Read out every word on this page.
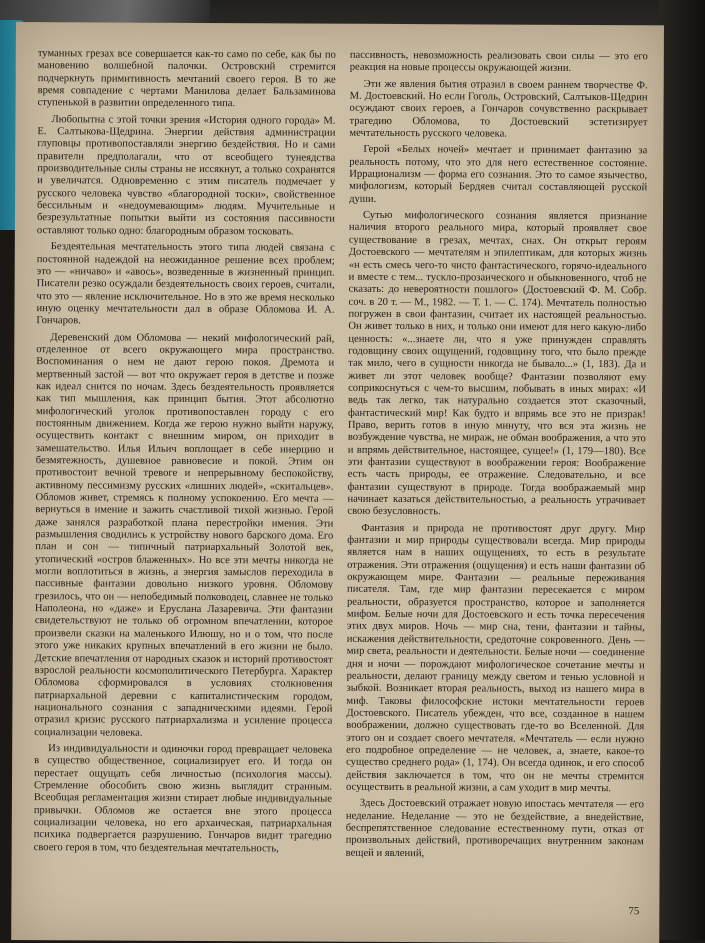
туманных грезах все совершается как-то само по себе, как бы по мановению волшебной палочки. Островский стремится подчеркнуть примитивность мечтаний своего героя. В то же время совпадение с чертами Манилова делает Бальзаминова ступенькой в развитии определенного типа.

Любопытна с этой точки зрения «История одного города» М. Е. Салтыкова-Щедрина. Энергии действия администрации глуповцы противопоставляли энергию бездействия. Но и сами правители предполагали, что от всеобщего тунеядства производительные силы страны не иссякнут, а только сохранятся и увеличатся. Одновременно с этим писатель подмечает у русского человека чувство «благородной тоски», свойственное бессильным и «недоумевающим» людям. Мучительные и безрезультатные попытки выйти из состояния пассивности оставляют только одно: благородным образом тосковать.

Бездеятельная мечтательность этого типа людей связана с постоянной надеждой на неожиданное решение всех проблем; это — «ничаво» и «авось», возведенные в жизненный принцип. Писатели резко осуждали бездеятельность своих героев, считали, что это — явление исключительное. Но в это же время несколько иную оценку мечтательности дал в образе Обломова И. А. Гончаров.

Деревенский дом Обломова — некий мифологический рай, отделенное от всего окружающего мира пространство. Воспоминания о нем не дают герою покоя. Дремота и мертвенный застой — вот что окружает героя в детстве и позже как идеал снится по ночам. Здесь бездеятельность проявляется как тип мышления, как принцип бытия. Этот абсолютно мифологический уголок противопоставлен городу с его постоянным движением. Когда же герою нужно выйти наружу, осуществить контакт с внешним миром, он приходит в замешательство. Илья Ильич воплощает в себе инерцию и безмятежность, душевное равновесие и покой. Этим он противостоит вечной тревоге и непрерывному беспокойству, активному пессимизму русских «лишних людей», «скитальцев». Обломов живет, стремясь к полному успокоению. Его мечта — вернуться в имение и зажить счастливой тихой жизнью. Герой даже занялся разработкой плана перестройки имения. Эти размышления сводились к устройству нового барского дома. Его план и сон — типичный патриархальный Золотой век, утопический «остров блаженных». Но все эти мечты никогда не могли воплотиться в жизнь, а энергия замыслов переходила в пассивные фантазии довольно низкого уровня. Обломову грезилось, что он — непобедимый полководец, славнее не только Наполеона, но «даже» и Еруслана Лазаревича. Эти фантазии свидетельствуют не только об огромном впечатлении, которое произвели сказки на маленького Илюшу, но и о том, что после этого уже никаких крупных впечатлений в его жизни не было. Детские впечатления от народных сказок и историй противостоят взрослой реальности космополитического Петербурга. Характер Обломова сформировался в условиях столкновения патриархальной деревни с капиталистическим городом, национального сознания с западническими идеями. Герой отразил кризис русского патриархализма и усиление процесса социализации человека.

Из индивидуальности и одиночки город превращает человека в существо общественное, социализирует его. И тогда он перестает ощущать себя личностью (психология массы). Стремление обособить свою жизнь выглядит странным. Всеобщая регламентация жизни стирает любые индивидуальные привычки. Обломов же остается вне этого процесса социализации человека, но его архаическая, патриархальная психика подвергается разрушению. Гончаров видит трагедию своего героя в том, что бездеятельная мечтательность,

пассивность, невозможность реализовать свои силы — это его реакция на новые процессы окружающей жизни.

Эти же явления бытия отразил в своем раннем творчестве Ф. М. Достоевский. Но если Гоголь, Островский, Салтыков-Щедрин осуждают своих героев, а Гончаров сочувственно раскрывает трагедию Обломова, то Достоевский эстетизирует мечтательность русского человека.

Герой «Белых ночей» мечтает и принимает фантазию за реальность потому, что это для него естественное состояние. Иррационализм — форма его сознания. Это то самое язычество, мифологизм, который Бердяев считал составляющей русской души.

Сутью мифологического сознания является признание наличия второго реального мира, который проявляет свое существование в грезах, мечтах, снах. Он открыт героям Достоевского — мечтателям и эпилептикам, для которых жизнь «н есть смесь чего-то чисто фантастического, горячо-идеального и вместе с тем... тускло-прозаического и обыкновенного, чтоб не сказать: до невероятности пошлого» (Достоевский Ф. М. Собр. соч. в 20 т. — М., 1982. — Т. 1. — С. 174). Мечтатель полностью погружен в свои фантазии, считает их настоящей реальностью. Он живет только в них, и только они имеют для него какую-либо ценность: «...знаете ли, что я уже принужден справлять годовщину своих ощущений, годовщину того, что было прежде так мило, чего в сущности никогда не бывало...» (1, 183). Да и живет ли этот человек вообще? Фантазии позволяют ему соприкоснуться с чем-то высшим, побывать в иных мирах: «И ведь так легко, так натурально создается этот сказочный, фантастический мир! Как будто и впрямь все это не призрак! Право, верить готов в иную минуту, что вся эта жизнь не возбуждение чувства, не мираж, не обман воображения, а что это и впрямь действительное, настоящее, сущее!» (1, 179—180). Все эти фантазии существуют в воображении героя: Воображение есть часть природы, ее отражение. Следовательно, и все фантазии существуют в природе. Тогда воображаемый мир начинает казаться действительностью, а реальность утрачивает свою безусловность.

Фантазия и природа не противостоят друг другу. Мир фантазии и мир природы существовали всегда. Мир природы является нам в наших ощущениях, то есть в результате отражения. Эти отражения (ощущения) и есть наши фантазии об окружающем мире. Фантазии — реальные переживания писателя. Там, где мир фантазии пересекается с миром реальности, образуется пространство, которое и заполняется мифом. Белые ночи для Достоевского и есть точка пересечения этих двух миров. Ночь — мир сна, тени, фантазии и тайны, искажения действительности, средоточие сокровенного. День — мир света, реальности и деятельности. Белые ночи — соединение дня и ночи — порождают мифологическое сочетание мечты и реальности, делают границу между светом и тенью условной и зыбкой. Возникает вторая реальность, выход из нашего мира в миф. Таковы философские истоки мечтательности героев Достоевского. Писатель убежден, что все, созданное в нашем воображении, должно существовать где-то во Вселенной. Для этого он и создает своего мечтателя. «Мечтатель — если нужно его подробное определение — не человек, а, знаете, какое-то существо среднего рода» (1, 174). Он всегда одинок, и его способ действия заключается в том, что он не мечты стремится осуществить в реальной жизни, а сам уходит в мир мечты.

Здесь Достоевский отражает новую ипостась мечтателя — его неделание. Неделание — это не бездействие, а внедействие, беспрепятственное следование естественному пути, отказ от произвольных действий, противоречащих внутренним законам вещей и явлений,

75
